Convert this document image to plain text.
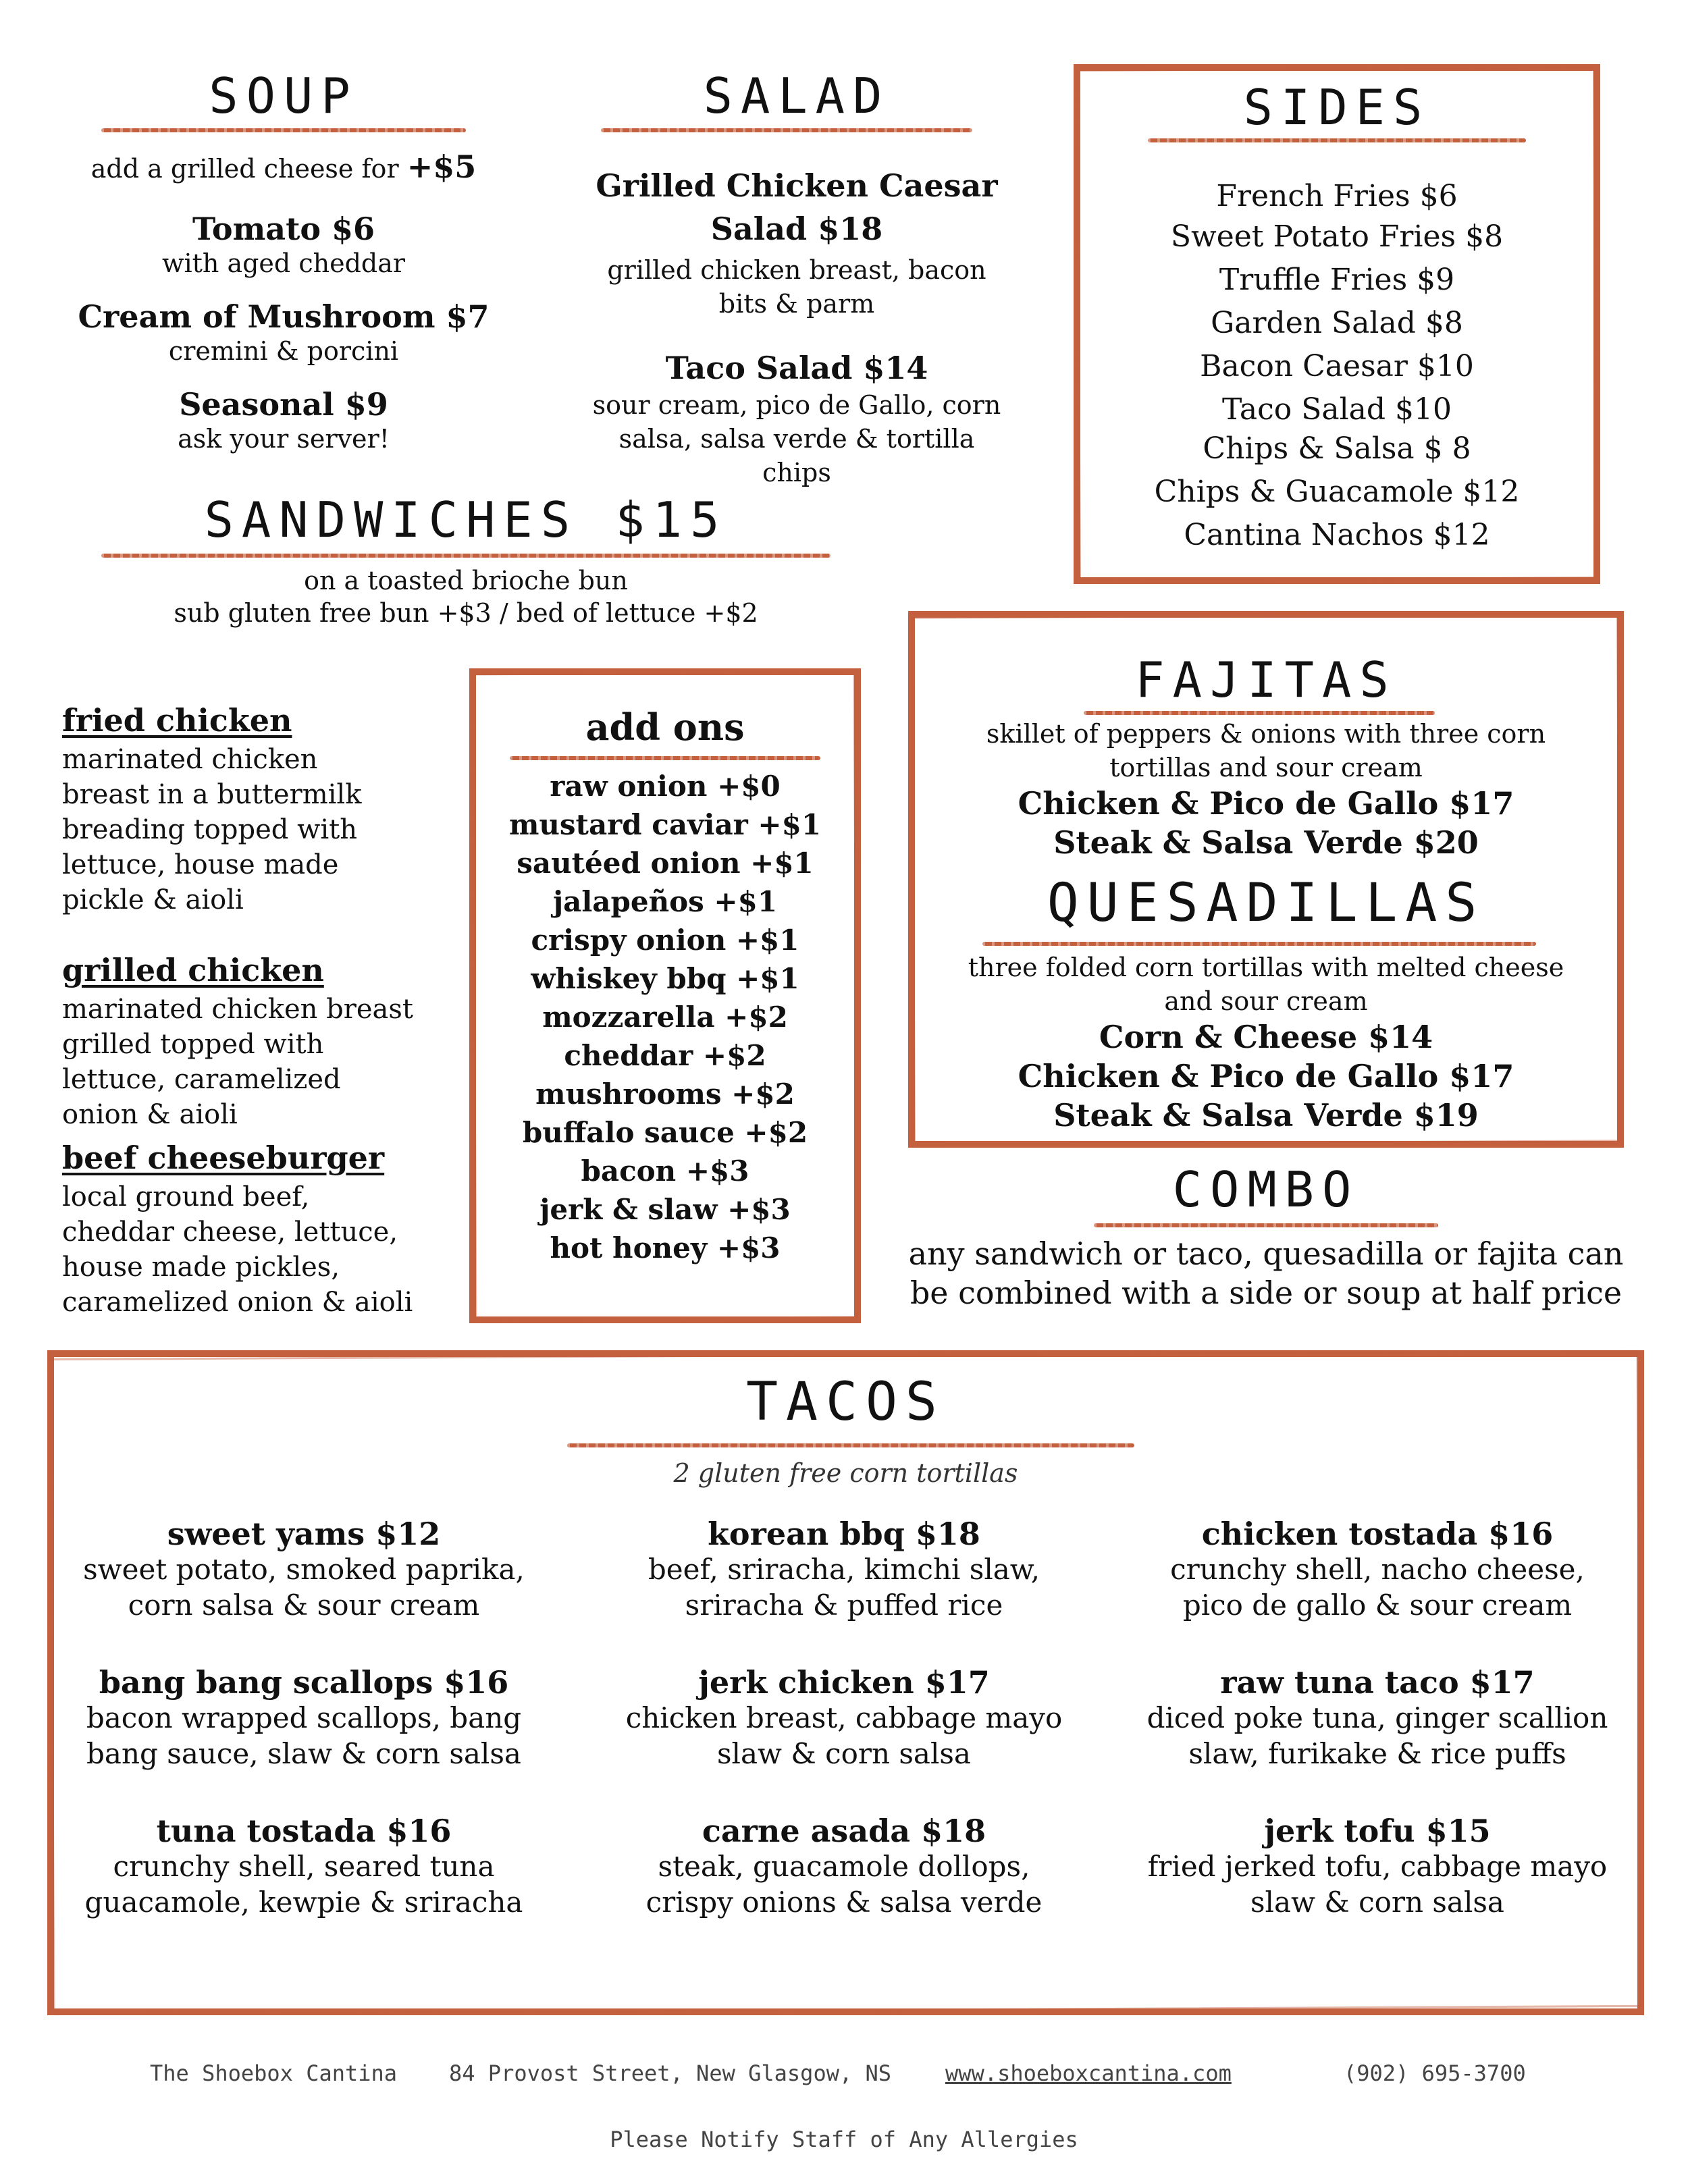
SOUP
add a grilled cheese for +$5
Tomato $6
with aged cheddar
Cream of Mushroom $7
cremini & porcini
Seasonal $9
ask your server!
SALAD
Grilled Chicken Caesar
Salad $18
grilled chicken breast, bacon
bits & parm
Taco Salad $14
sour cream, pico de Gallo, corn
salsa, salsa verde & tortilla
chips
SIDES
French Fries $6
Sweet Potato Fries $8
Truffle Fries $9
Garden Salad $8
Bacon Caesar $10
Taco Salad $10
Chips & Salsa $ 8
Chips & Guacamole $12
Cantina Nachos $12
SANDWICHES $15
on a toasted brioche bun
sub gluten free bun +$3 / bed of lettuce +$2
fried chicken
marinated chicken
breast in a buttermilk
breading topped with
lettuce, house made
pickle & aioli
grilled chicken
marinated chicken breast
grilled topped with
lettuce, caramelized
onion & aioli
beef cheeseburger
local ground beef,
cheddar cheese, lettuce,
house made pickles,
caramelized onion & aioli
add ons
raw onion +$0
mustard caviar +$1
sautéed onion +$1
jalapeños +$1
crispy onion +$1
whiskey bbq +$1
mozzarella +$2
cheddar +$2
mushrooms +$2
buffalo sauce +$2
bacon +$3
jerk & slaw +$3
hot honey +$3
FAJITAS
skillet of peppers & onions with three corn
tortillas and sour cream
Chicken & Pico de Gallo $17
Steak & Salsa Verde $20
QUESADILLAS
three folded corn tortillas with melted cheese
and sour cream
Corn & Cheese $14
Chicken & Pico de Gallo $17
Steak & Salsa Verde $19
COMBO
any sandwich or taco, quesadilla or fajita can
be combined with a side or soup at half price
TACOS
2 gluten free corn tortillas
sweet yams $12
sweet potato, smoked paprika,
corn salsa & sour cream
korean bbq $18
beef, sriracha, kimchi slaw,
sriracha & puffed rice
chicken tostada $16
crunchy shell, nacho cheese,
pico de gallo & sour cream
bang bang scallops $16
bacon wrapped scallops, bang
bang sauce, slaw & corn salsa
jerk chicken $17
chicken breast, cabbage mayo
slaw & corn salsa
raw tuna taco $17
diced poke tuna, ginger scallion
slaw, furikake & rice puffs
tuna tostada $16
crunchy shell, seared tuna
guacamole, kewpie & sriracha
carne asada $18
steak, guacamole dollops,
crispy onions & salsa verde
jerk tofu $15
fried jerked tofu, cabbage mayo
slaw & corn salsa
The Shoebox Cantina 84 Provost Street, New Glasgow, NS www.shoeboxcantina.com	(902) 695-3700
Please Notify Staff of Any Allergies
